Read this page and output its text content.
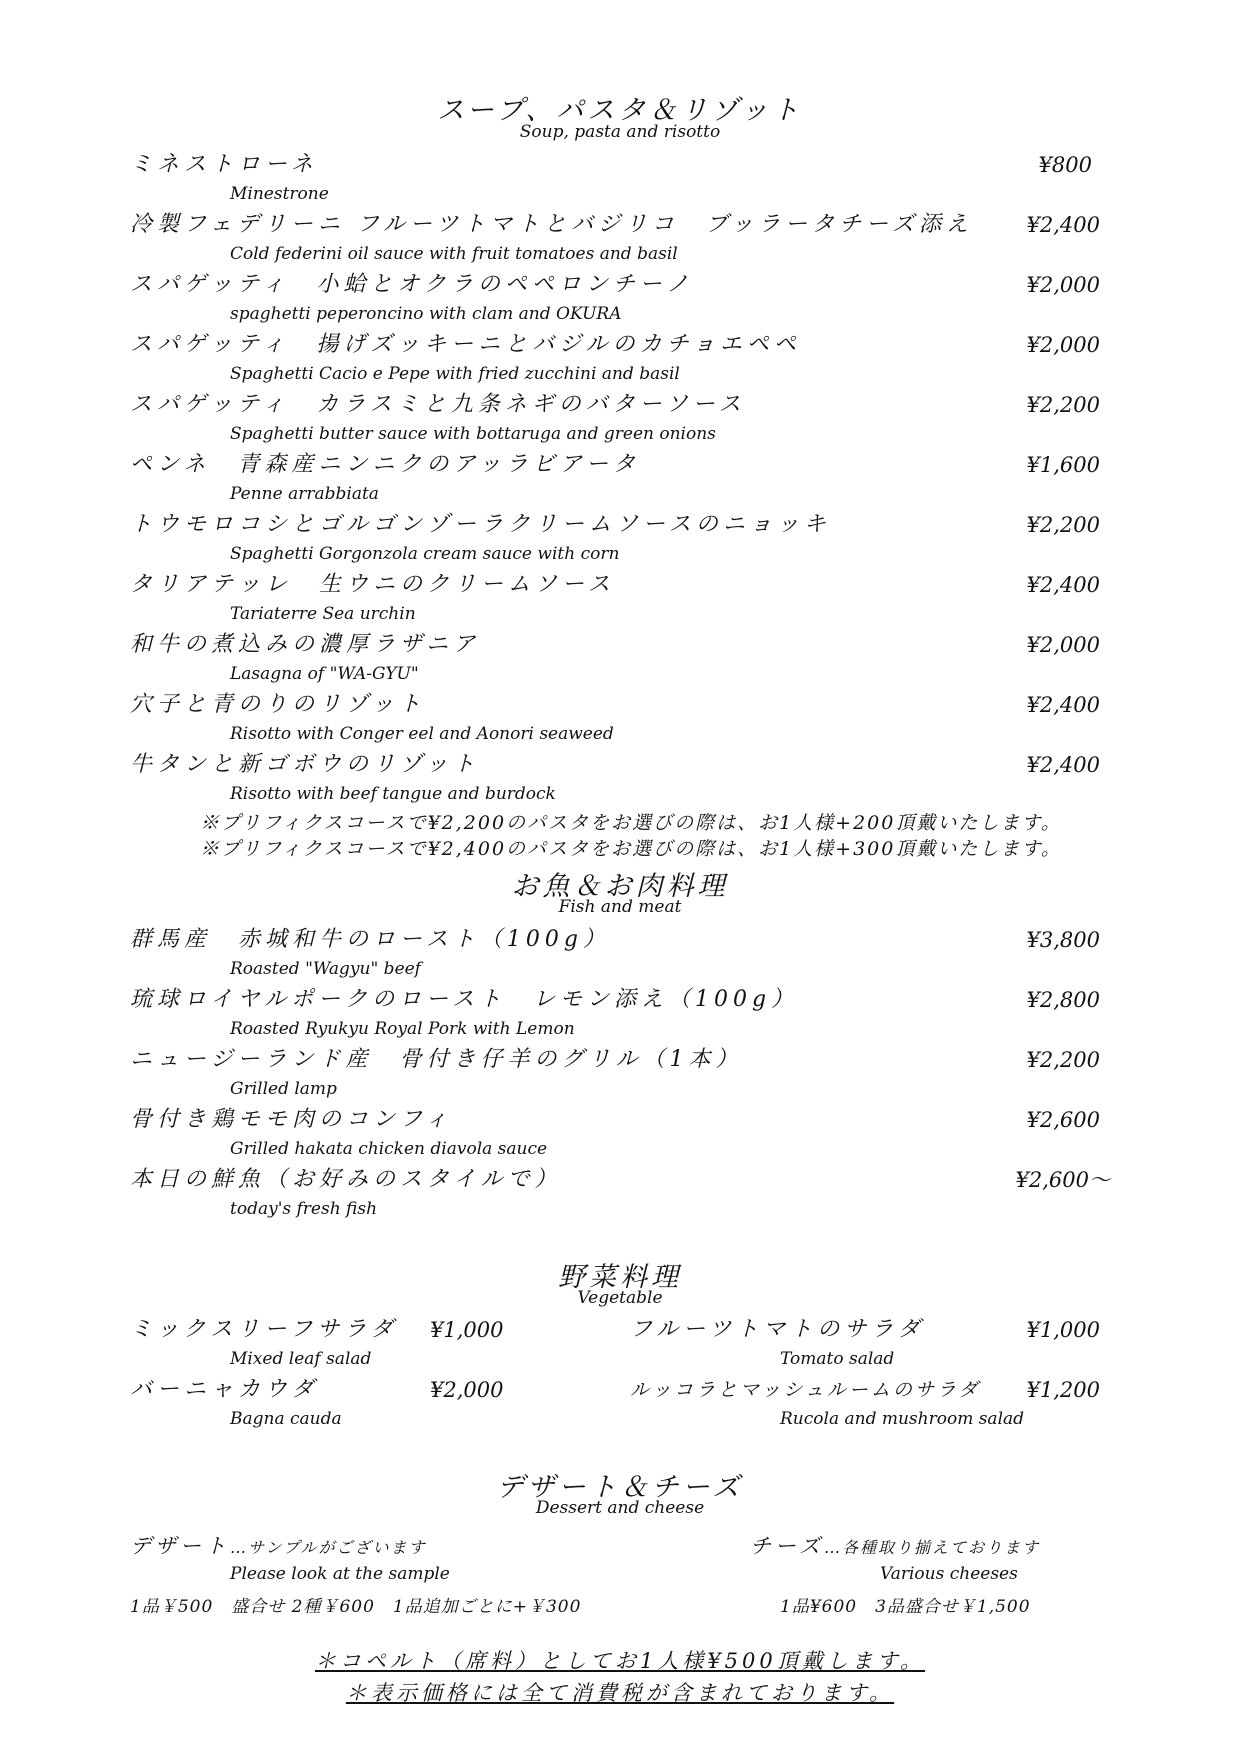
スープ、パスタ＆リゾット
Soup, pasta and risotto
ミネストローネ
Minestrone
¥800
冷製フェデリーニ フルーツトマトとバジリコ　ブッラータチーズ添え
Cold federini oil sauce with fruit tomatoes and basil
¥2,400
スパゲッティ　小蛤とオクラのペペロンチーノ
spaghetti peperoncino with clam and OKURA
¥2,000
スパゲッティ　揚げズッキーニとバジルのカチョエペペ
Spaghetti Cacio e Pepe with fried zucchini and basil
¥2,000
スパゲッティ　カラスミと九条ネギのバターソース
Spaghetti butter sauce with bottaruga and green onions
¥2,200
ペンネ　青森産ニンニクのアッラビアータ
Penne arrabbiata
¥1,600
トウモロコシとゴルゴンゾーラクリームソースのニョッキ
Spaghetti Gorgonzola cream sauce with corn
¥2,200
タリアテッレ　生ウニのクリームソース
Tariaterre Sea urchin
¥2,400
和牛の煮込みの濃厚ラザニア
Lasagna of "WA-GYU"
¥2,000
穴子と青のりのリゾット
Risotto with Conger eel and Aonori seaweed
¥2,400
牛タンと新ゴボウのリゾット
Risotto with beef tangue and burdock
¥2,400
※プリフィクスコースで¥2,200のパスタをお選びの際は、お1人様+200頂戴いたします。
※プリフィクスコースで¥2,400のパスタをお選びの際は、お1人様+300頂戴いたします。
お魚＆お肉料理
Fish and meat
群馬産　赤城和牛のロースト（100g）
Roasted "Wagyu" beef
¥3,800
琉球ロイヤルポークのロースト　レモン添え（100g）
Roasted Ryukyu Royal Pork with Lemon
¥2,800
ニュージーランド産　骨付き仔羊のグリル（1本）
Grilled lamp
¥2,200
骨付き鶏モモ肉のコンフィ
Grilled hakata chicken diavola sauce
¥2,600
本日の鮮魚（お好みのスタイルで）
today's fresh fish
¥2,600～
野菜料理
Vegetable
ミックスリーフサラダ
Mixed leaf salad
¥1,000	フルーツトマトのサラダ
Tomato salad
¥1,000
バーニャカウダ
Bagna cauda
¥2,000	ルッコラとマッシュルームのサラダ
Rucola and mushroom salad
¥1,200
デザート＆チーズ
Dessert and cheese
デザート…サンプルがございます
Please look at the sample
1品￥500　盛合せ 2種￥600　1品追加ごとに+￥300
チーズ…各種取り揃えております
Various cheeses
1品¥600　3品盛合せ￥1,500
＊コペルト（席料）としてお1人様¥500頂戴します。
＊表示価格には全て消費税が含まれております。
